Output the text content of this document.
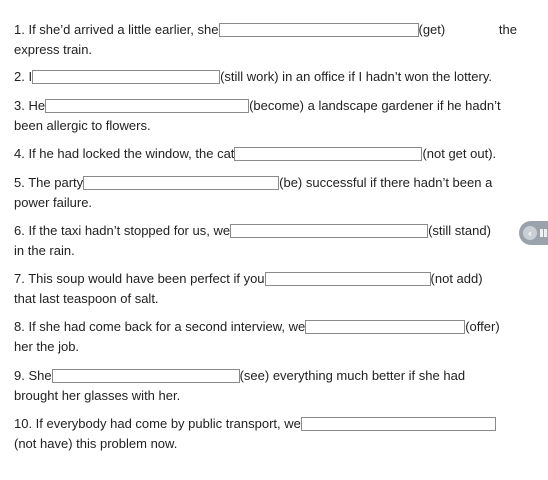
1. If she’d arrived a little earlier, she	(get)	the
express train.
2. I	(still work) in an office if I hadn’t won the lottery.
3. He	(become) a landscape gardener if he hadn’t
been allergic to flowers.
4. If he had locked the window, the cat	(not get out).
5. The party	(be) successful if there hadn’t been a
power failure.
6. If the taxi hadn’t stopped for us, we	(still stand)
in the rain.
7. This soup would have been perfect if you	(not add)
that last teaspoon of salt.
8. If she had come back for a second interview, we	(offer)
her the job.
9. She	(see) everything much better if she had
brought her glasses with her.
10. If everybody had come by public transport, we
(not have) this problem now.
‹
